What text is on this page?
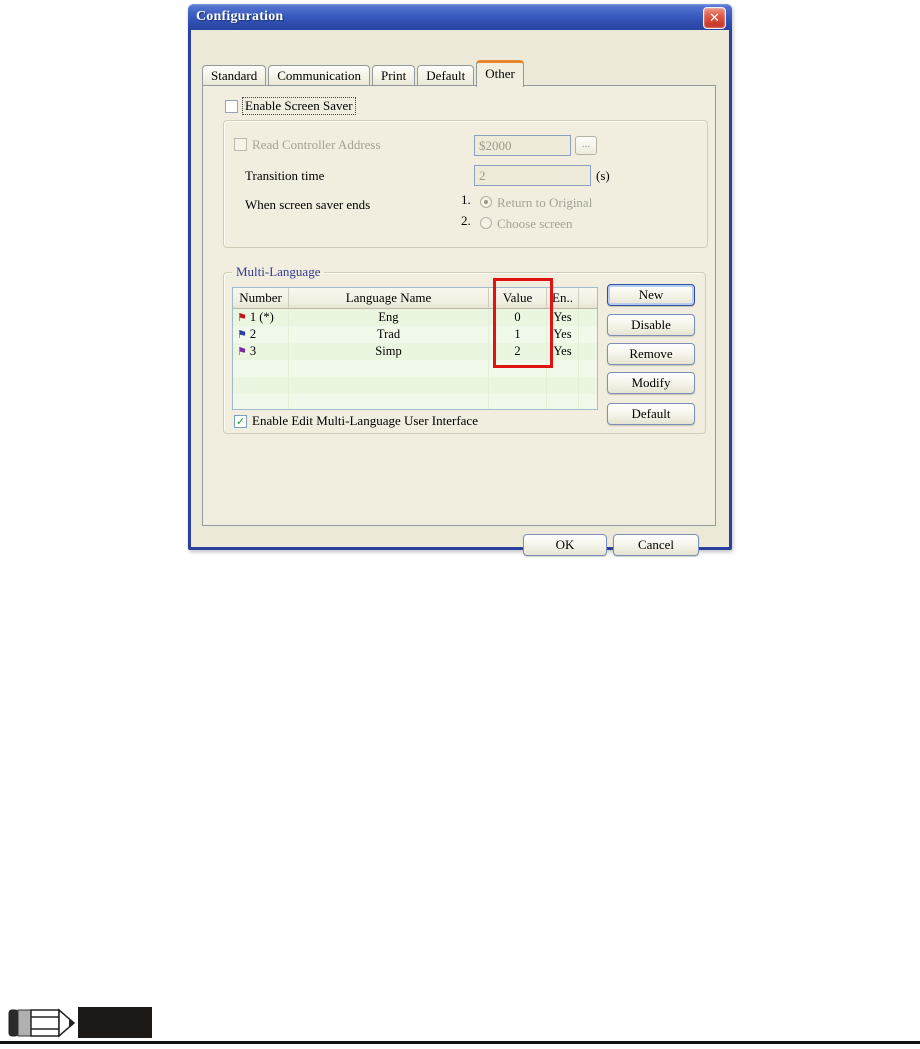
Configuration	✕
Standard	Communication	Print	Default	Other
Enable Screen Saver
Read Controller Address
$2000	...
Transition time
2	(s)
When screen saver ends	1. Return to Original
2. Choose screen
Multi-Language
Number	Language Name	Value	En..
⚑ 1 (*)	Eng	0	Yes
⚑ 2	Trad	1	Yes
⚑ 3	Simp	2	Yes
New
Disable
Remove
Modify
Default
✓ Enable Edit Multi-Language User Interface
OK	Cancel
